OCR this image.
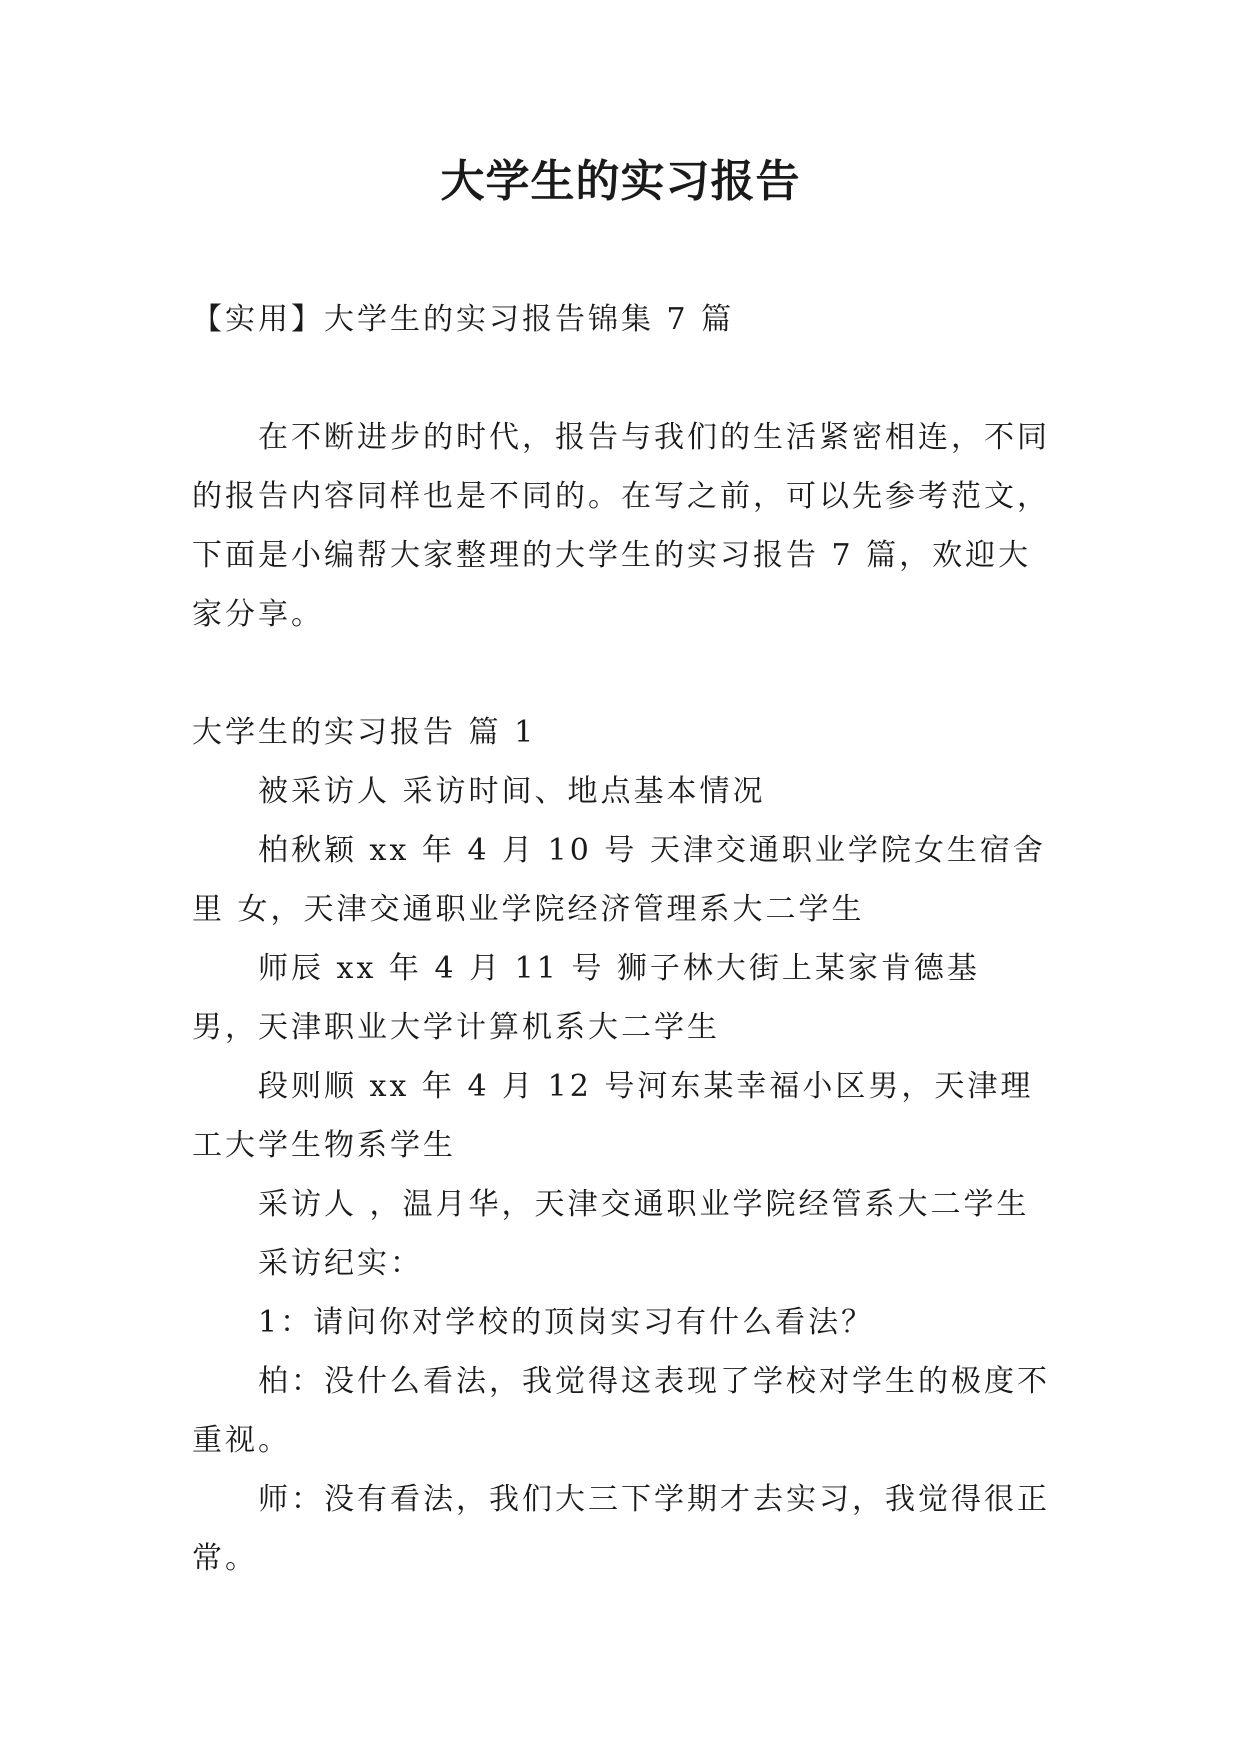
大学生的实习报告

【实用】大学生的实习报告锦集 7 篇

在不断进步的时代，报告与我们的生活紧密相连，不同的报告内容同样也是不同的。在写之前，可以先参考范文，下面是小编帮大家整理的大学生的实习报告 7 篇，欢迎大家分享。

大学生的实习报告 篇 1

被采访人 采访时间、地点基本情况

柏秋颖 xx 年 4 月 10 号 天津交通职业学院女生宿舍里 女，天津交通职业学院经济管理系大二学生

师辰 xx 年 4 月 11 号 狮子林大街上某家肯德基 男，天津职业大学计算机系大二学生

段则顺 xx 年 4 月 12 号河东某幸福小区男，天津理工大学生物系学生

采访人 ，温月华，天津交通职业学院经管系大二学生

采访纪实：

1：请问你对学校的顶岗实习有什么看法？

柏：没什么看法，我觉得这表现了学校对学生的极度不重视。

师：没有看法，我们大三下学期才去实习，我觉得很正常。
